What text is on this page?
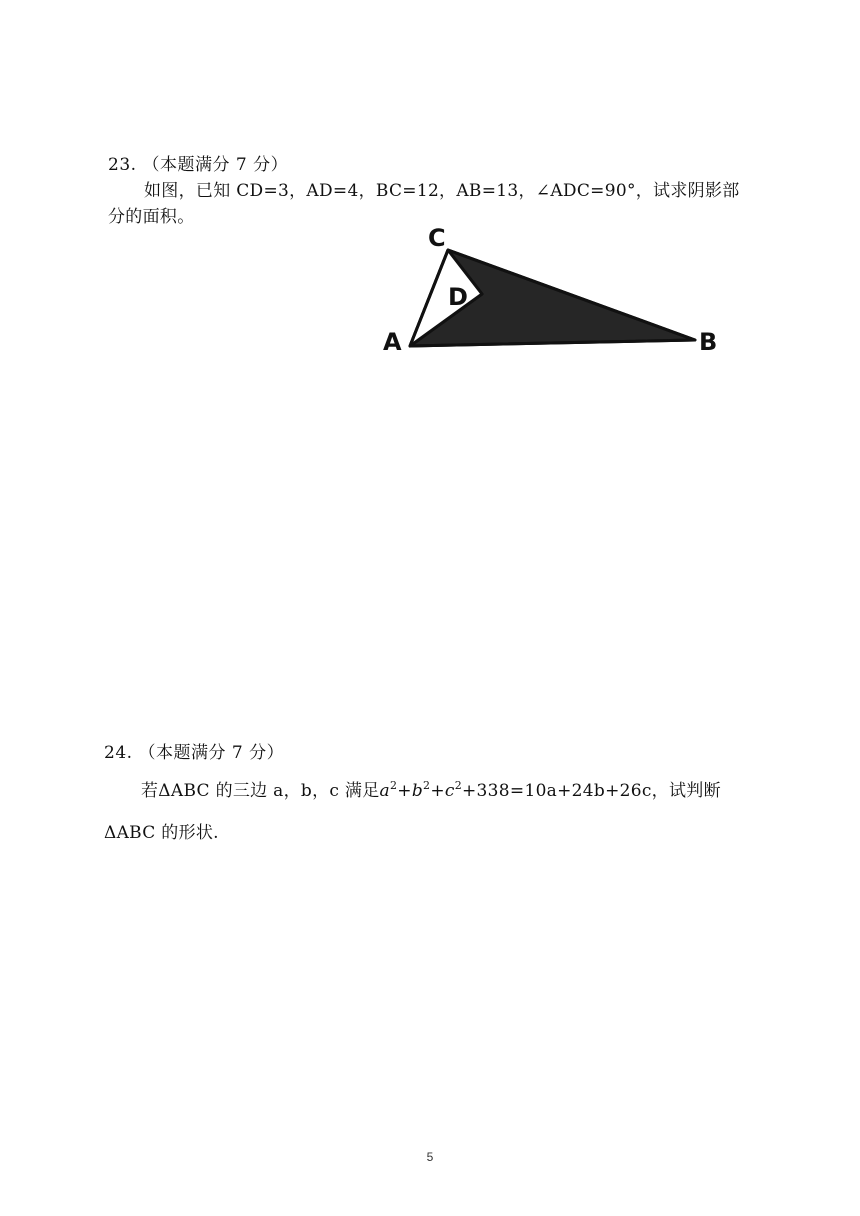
23. （本题满分 7 分）
如图，已知 CD=3，AD=4，BC=12，AB=13，∠ADC=90°，试求阴影部
分的面积。
C
D
A	B
24. （本题满分 7 分）
若ΔABC 的三边 a，b，c 满足$a^2+b^2+c^2+338=10a+24b+26c$，试判断
ΔABC 的形状.
5
